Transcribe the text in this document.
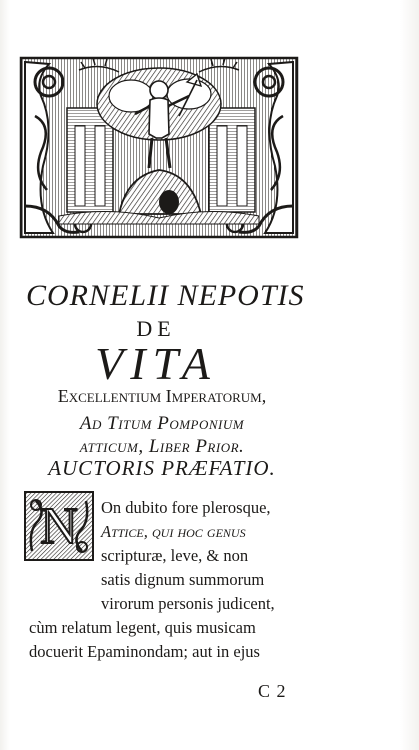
CORNELII NEPOTIS
DE
VITA
Excellentium Imperatorum,
Ad Titum Pomponium
atticum, Liber Prior.
AUCTORIS PRÆFATIO.
N On dubito fore plerosque,
Attice, qui hoc genus
scripturæ, leve, & non
satis dignum summorum
virorum personis judicent,
cùm relatum legent, quis musicam
docuerit Epaminondam; aut in ejus
C 2
